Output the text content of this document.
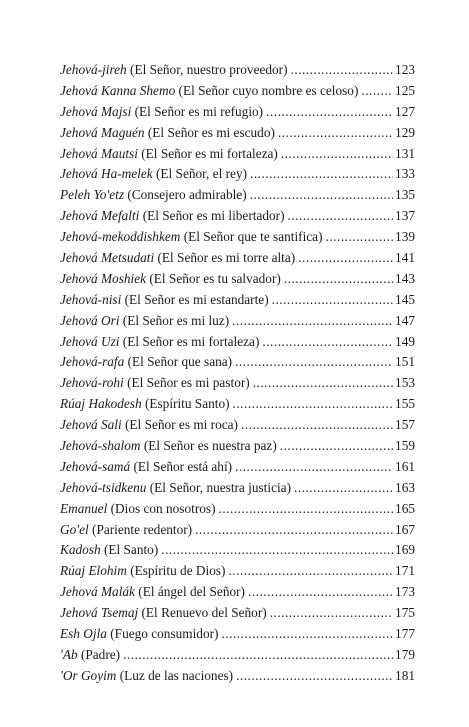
Jehová-jireh (El Señor, nuestro proveedor) .....	123
Jehová Kanna Shemo (El Señor cuyo nombre es celoso) .....	125
Jehová Majsi (El Señor es mi refugio) .....	127
Jehová Maguén (El Señor es mi escudo) .....	129
Jehová Mautsi (El Señor es mi fortaleza) .....	131
Jehová Ha-melek (El Señor, el rey) .....	133
Peleh Yo'etz (Consejero admirable) .....	135
Jehová Mefalti (El Señor es mi libertador) .....	137
Jehová-mekoddishkem (El Señor que te santifica) .....	139
Jehová Metsudati (El Señor es mi torre alta) .....	141
Jehová Moshiek (El Señor es tu salvador) .....	143
Jehová-nisi (El Señor es mi estandarte) .....	145
Jehová Ori (El Señor es mi luz) .....	147
Jehová Uzi (El Señor es mi fortaleza) .....	149
Jehová-rafa (El Señor que sana) .....	151
Jehová-rohi (El Señor es mi pastor) .....	153
Rúaj Hakodesh (Espíritu Santo) .....	155
Jehová Sali (El Señor es mi roca) .....	157
Jehová-shalom (El Señor es nuestra paz) .....	159
Jehová-samá (El Señor está ahí) .....	161
Jehová-tsidkenu (El Señor, nuestra justicia) .....	163
Emanuel (Dios con nosotros) .....	165
Go'el (Pariente redentor) .....	167
Kadosh (El Santo) .....	169
Rúaj Elohim (Espíritu de Dios) .....	171
Jehová Malák (El ángel del Señor) .....	173
Jehová Tsemaj (El Renuevo del Señor) .....	175
Esh Ojla (Fuego consumidor) .....	177
'Ab (Padre) .....	179
'Or Goyim (Luz de las naciones) .....	181
